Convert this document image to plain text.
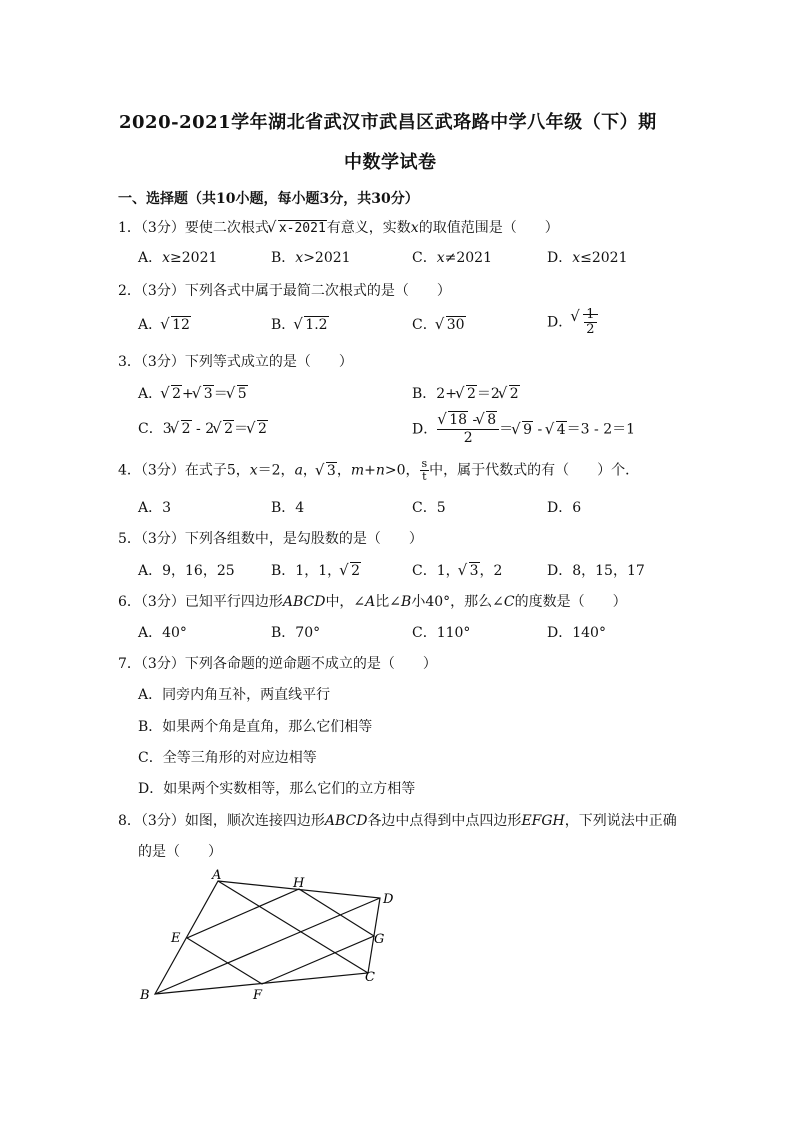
2020-2021学年湖北省武汉市武昌区武珞路中学八年级（下）期
中数学试卷
一、选择题（共10小题，每小题3分，共30分）
1．（3分）要使二次根式 √ x-2021有意义，实数x的取值范围是（　　）
A．x≥2021	B．x>2021	C．x≠2021	D．x≤2021
2．（3分）下列各式中属于最简二次根式的是（　　）
A． √ 12	B． √ 1.2	C． √ 30	D． √ $\frac{1}{2}$
3．（3分）下列等式成立的是（　　）
A． √ 2+ √ 3＝ √ 5	B．2+ √ 2＝2 √ 2
C．3 √ 2 - 2 √ 2＝ √ 2	D． √ $\frac{18 - √ 8}{2}$ ＝ √ 9 - √ 4＝3 - 2＝1
4．（3分）在式子5，x＝2，a， √ 3，m+n>0， $\frac{s}{t}$ 中，属于代数式的有（　　）个．
A．3	B．4	C．5	D．6
5．（3分）下列各组数中，是勾股数的是（　　）
A．9，16，25	B．1，1， √ 2	C．1， √ 3，2	D．8，15，17
6．（3分）已知平行四边形ABCD中，∠A比∠B小40°，那么∠C的度数是（　　）
A．40°	B．70°	C．110°	D．140°
7．（3分）下列各命题的逆命题不成立的是（　　）
A．同旁内角互补，两直线平行
B．如果两个角是直角，那么它们相等
C．全等三角形的对应边相等
D．如果两个实数相等，那么它们的立方相等
8．（3分）如图，顺次连接四边形ABCD各边中点得到中点四边形EFGH，下列说法中正确
的是（　　）
A
H
D
E	G
B	F
C
